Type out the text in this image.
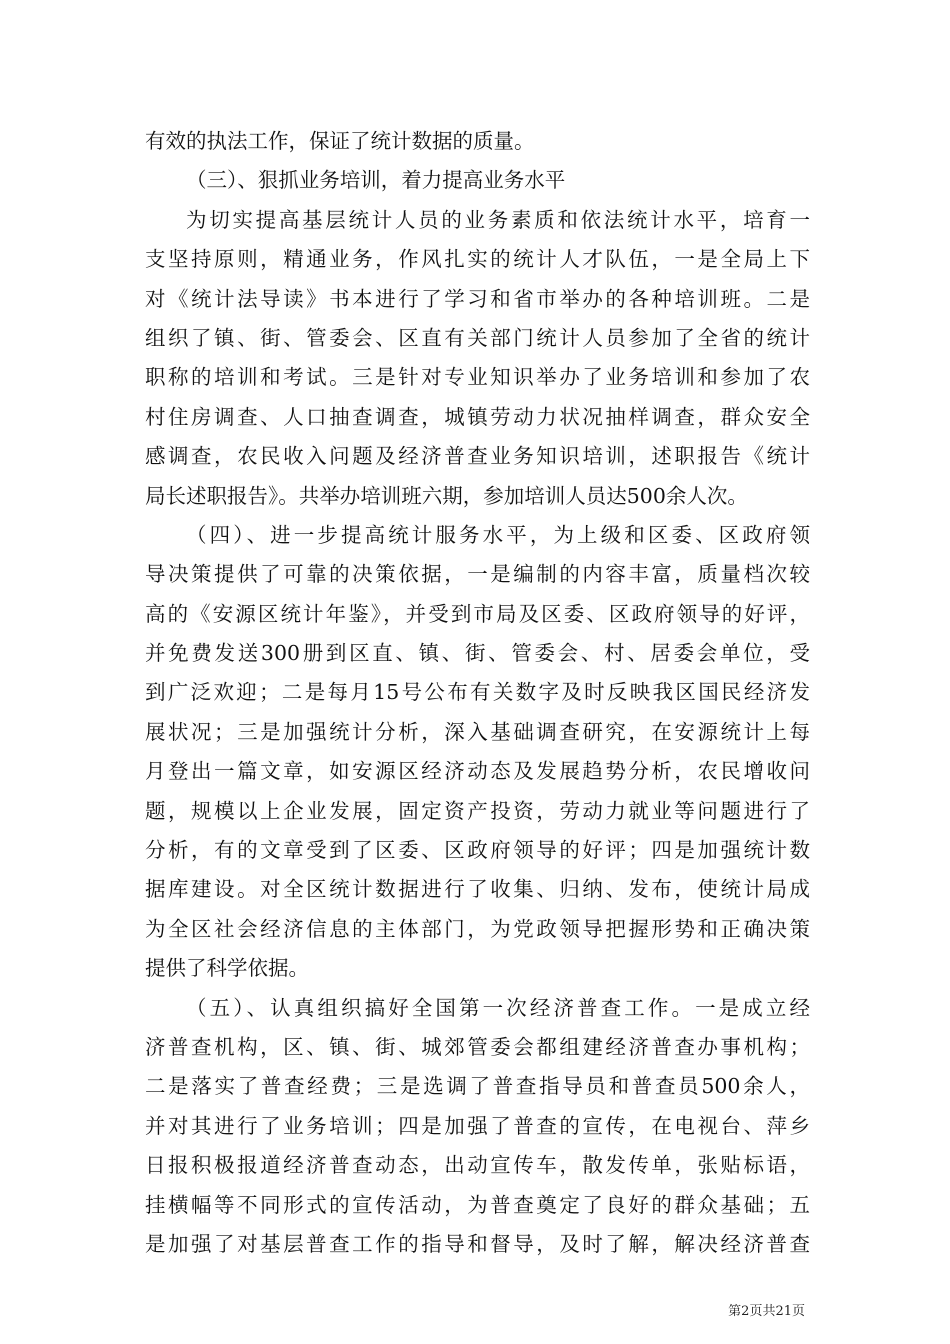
有效的执法工作，保证了统计数据的质量。
（三）、狠抓业务培训，着力提高业务水平
为切实提高基层统计人员的业务素质和依法统计水平，培育一
支坚持原则，精通业务，作风扎实的统计人才队伍，一是全局上下
对《统计法导读》书本进行了学习和省市举办的各种培训班。二是
组织了镇、街、管委会、区直有关部门统计人员参加了全省的统计
职称的培训和考试。三是针对专业知识举办了业务培训和参加了农
村住房调查、人口抽查调查，城镇劳动力状况抽样调查，群众安全
感调查，农民收入问题及经济普查业务知识培训，述职报告《统计
局长述职报告》。共举办培训班六期，参加培训人员达500余人次。
（四）、进一步提高统计服务水平，为上级和区委、区政府领
导决策提供了可靠的决策依据，一是编制的内容丰富，质量档次较
高的《安源区统计年鉴》，并受到市局及区委、区政府领导的好评，
并免费发送300册到区直、镇、街、管委会、村、居委会单位，受
到广泛欢迎；二是每月15号公布有关数字及时反映我区国民经济发
展状况；三是加强统计分析，深入基础调查研究，在安源统计上每
月登出一篇文章，如安源区经济动态及发展趋势分析，农民增收问
题，规模以上企业发展，固定资产投资，劳动力就业等问题进行了
分析，有的文章受到了区委、区政府领导的好评；四是加强统计数
据库建设。对全区统计数据进行了收集、归纳、发布，使统计局成
为全区社会经济信息的主体部门，为党政领导把握形势和正确决策
提供了科学依据。
（五）、认真组织搞好全国第一次经济普查工作。一是成立经
济普查机构，区、镇、街、城郊管委会都组建经济普查办事机构；
二是落实了普查经费；三是选调了普查指导员和普查员500余人，
并对其进行了业务培训；四是加强了普查的宣传，在电视台、萍乡
日报积极报道经济普查动态，出动宣传车，散发传单，张贴标语，
挂横幅等不同形式的宣传活动，为普查奠定了良好的群众基础；五
是加强了对基层普查工作的指导和督导，及时了解，解决经济普查
第2页共21页
